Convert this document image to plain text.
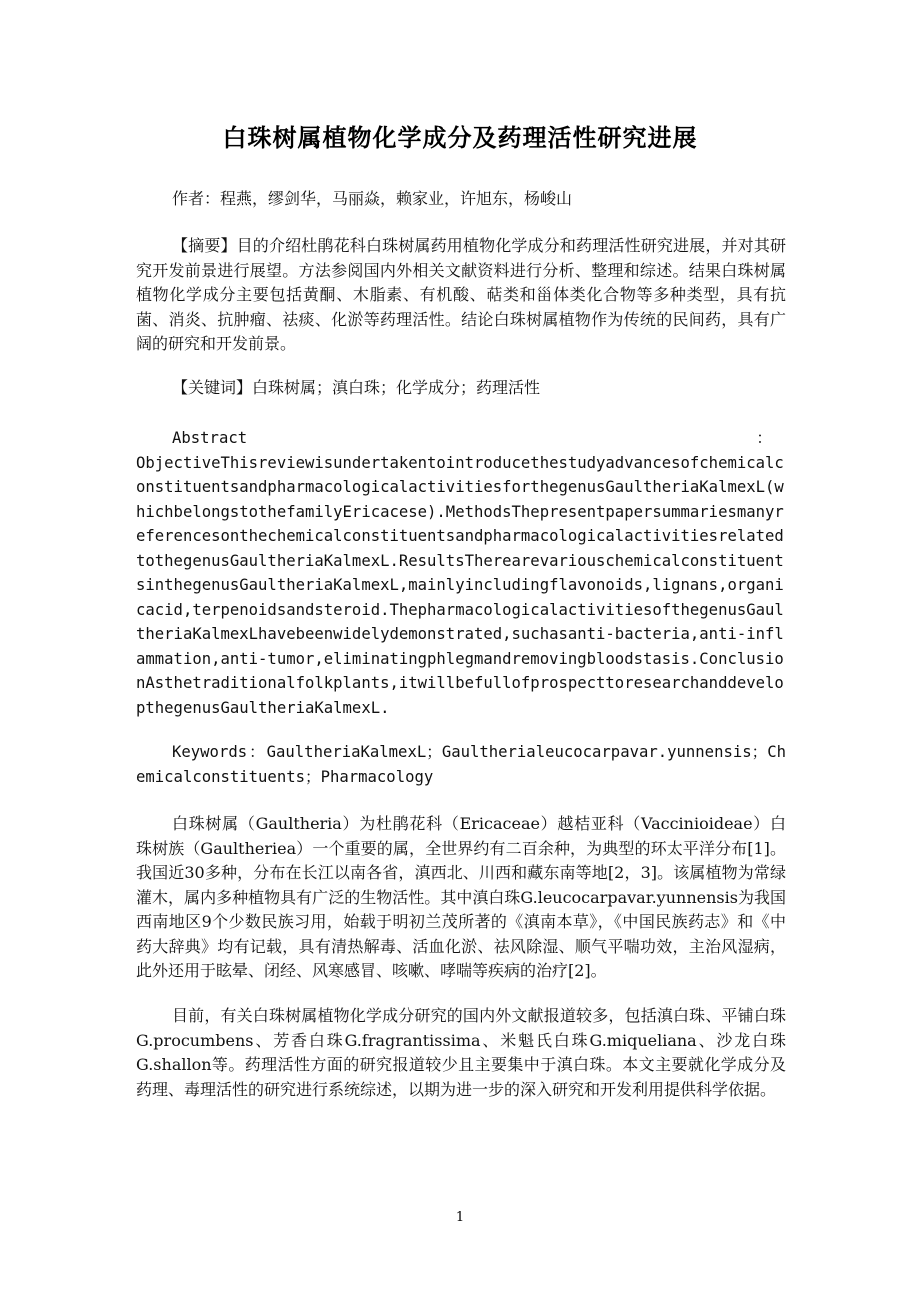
白珠树属植物化学成分及药理活性研究进展
作者：程燕，缪剑华，马丽焱，赖家业，许旭东，杨峻山
【摘要】目的介绍杜鹃花科白珠树属药用植物化学成分和药理活性研究进展，并对其研究开发前景进行展望。方法参阅国内外相关文献资料进行分析、整理和综述。结果白珠树属植物化学成分主要包括黄酮、木脂素、有机酸、萜类和甾体类化合物等多种类型，具有抗菌、消炎、抗肿瘤、祛痰、化淤等药理活性。结论白珠树属植物作为传统的民间药，具有广阔的研究和开发前景。
【关键词】白珠树属；滇白珠；化学成分；药理活性
Abstract	：
ObjectiveThisreviewisundertakentointroducethestudyadvancesofchemicalconstituentsandpharmacologicalactivitiesforthegenusGaultheriaKalmexL(whichbelongstothefamilyEricacese).MethodsThepresentpapersummariesmanyreferencesonthechemicalconstituentsandpharmacologicalactivitiesrelatedtothegenusGaultheriaKalmexL.ResultsTherearevariouschemicalconstituentsinthegenusGaultheriaKalmexL,mainlyincludingflavonoids,lignans,organicacid,terpenoidsandsteroid.ThepharmacologicalactivitiesofthegenusGaultheriaKalmexLhavebeenwidelydemonstrated,suchasanti-bacteria,anti-inflammation,anti-tumor,eliminatingphlegmandremovingbloodstasis.ConclusionAsthetraditionalfolkplants,itwillbefullofprospecttoresearchanddevelopthegenusGaultheriaKalmexL.
Keywords：GaultheriaKalmexL；Gaultherialeucocarpavar.yunnensis；Chemicalconstituents；Pharmacology
白珠树属（Gaultheria）为杜鹃花科（Ericaceae）越桔亚科（Vaccinioideae）白珠树族（Gaultheriea）一个重要的属，全世界约有二百余种，为典型的环太平洋分布[1]。我国近30多种，分布在长江以南各省，滇西北、川西和藏东南等地[2，3]。该属植物为常绿灌木，属内多种植物具有广泛的生物活性。其中滇白珠G.leucocarpavar.yunnensis为我国西南地区9个少数民族习用，始载于明初兰茂所著的《滇南本草》，《中国民族药志》和《中药大辞典》均有记载，具有清热解毒、活血化淤、祛风除湿、顺气平喘功效，主治风湿病，此外还用于眩晕、闭经、风寒感冒、咳嗽、哮喘等疾病的治疗[2]。
目前，有关白珠树属植物化学成分研究的国内外文献报道较多，包括滇白珠、平铺白珠G.procumbens、芳香白珠G.fragrantissima、米魁氏白珠G.miqueliana、沙龙白珠G.shallon等。药理活性方面的研究报道较少且主要集中于滇白珠。本文主要就化学成分及药理、毒理活性的研究进行系统综述，以期为进一步的深入研究和开发利用提供科学依据。
1
